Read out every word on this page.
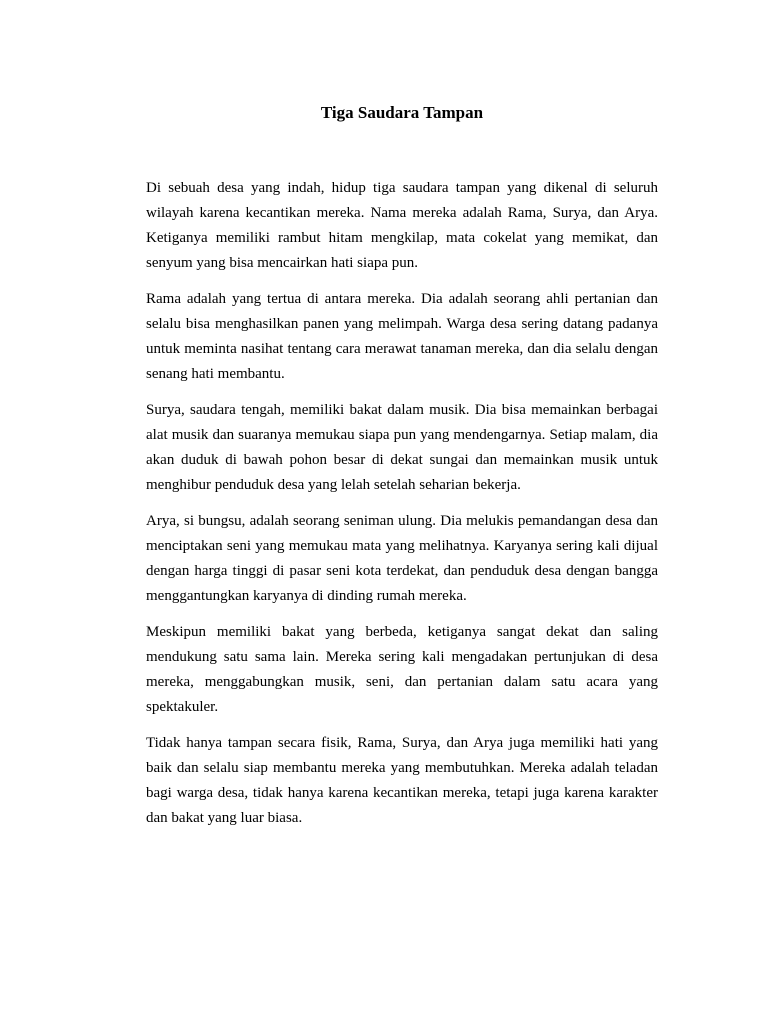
Tiga Saudara Tampan

Di sebuah desa yang indah, hidup tiga saudara tampan yang dikenal di seluruh wilayah karena kecantikan mereka. Nama mereka adalah Rama, Surya, dan Arya. Ketiganya memiliki rambut hitam mengkilap, mata cokelat yang memikat, dan senyum yang bisa mencairkan hati siapa pun.

Rama adalah yang tertua di antara mereka. Dia adalah seorang ahli pertanian dan selalu bisa menghasilkan panen yang melimpah. Warga desa sering datang padanya untuk meminta nasihat tentang cara merawat tanaman mereka, dan dia selalu dengan senang hati membantu.

Surya, saudara tengah, memiliki bakat dalam musik. Dia bisa memainkan berbagai alat musik dan suaranya memukau siapa pun yang mendengarnya. Setiap malam, dia akan duduk di bawah pohon besar di dekat sungai dan memainkan musik untuk menghibur penduduk desa yang lelah setelah seharian bekerja.

Arya, si bungsu, adalah seorang seniman ulung. Dia melukis pemandangan desa dan menciptakan seni yang memukau mata yang melihatnya. Karyanya sering kali dijual dengan harga tinggi di pasar seni kota terdekat, dan penduduk desa dengan bangga menggantungkan karyanya di dinding rumah mereka.

Meskipun memiliki bakat yang berbeda, ketiganya sangat dekat dan saling mendukung satu sama lain. Mereka sering kali mengadakan pertunjukan di desa mereka, menggabungkan musik, seni, dan pertanian dalam satu acara yang spektakuler.

Tidak hanya tampan secara fisik, Rama, Surya, dan Arya juga memiliki hati yang baik dan selalu siap membantu mereka yang membutuhkan. Mereka adalah teladan bagi warga desa, tidak hanya karena kecantikan mereka, tetapi juga karena karakter dan bakat yang luar biasa.
